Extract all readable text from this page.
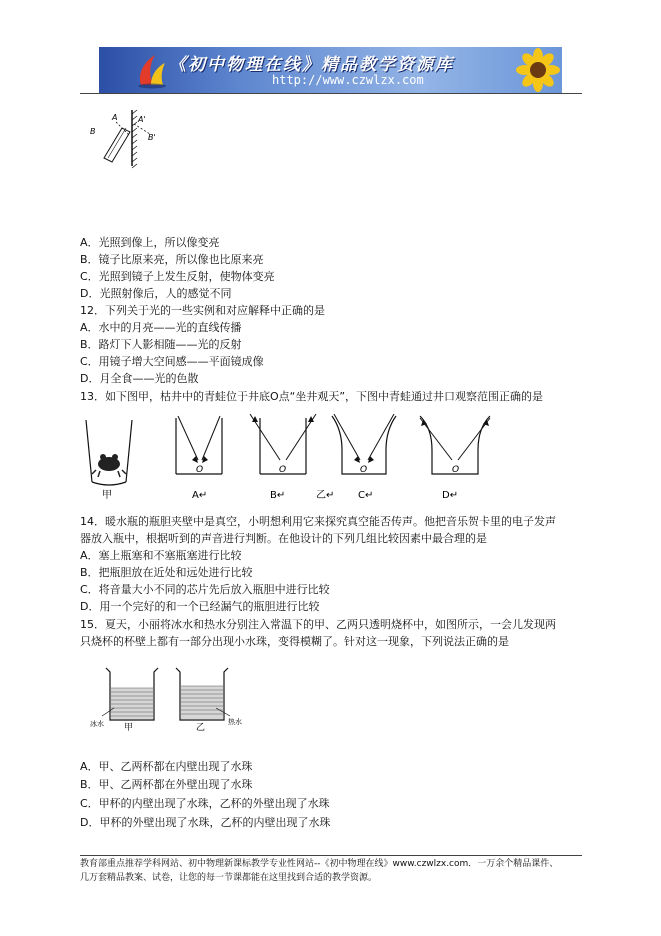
《初中物理在线》精品教学资源库
http://www.czwlzx.com
A	A'
B
B'
A．光照到像上，所以像变亮
B．镜子比原来亮，所以像也比原来亮
C．光照到镜子上发生反射，使物体变亮
D．光照射像后，人的感觉不同
12．下列关于光的一些实例和对应解释中正确的是
A．水中的月亮——光的直线传播
B．路灯下人影相随——光的反射
C．用镜子增大空间感——平面镜成像
D．月全食——光的色散
13．如下图甲，枯井中的青蛙位于井底O点“坐井观天”，下图中青蛙通过井口观察范围正确的是
甲
O
A↵
O
B↵	乙↵
O
C↵
O
D↵
14．暖水瓶的瓶胆夹壁中是真空，小明想利用它来探究真空能否传声。他把音乐贺卡里的电子发声
器放入瓶中，根据听到的声音进行判断。在他设计的下列几组比较因素中最合理的是
A．塞上瓶塞和不塞瓶塞进行比较
B．把瓶胆放在近处和远处进行比较
C．将音量大小不同的芯片先后放入瓶胆中进行比较
D．用一个完好的和一个已经漏气的瓶胆进行比较
15．夏天，小丽将冰水和热水分别注入常温下的甲、乙两只透明烧杯中，如图所示，一会儿发现两
只烧杯的杯壁上都有一部分出现小水珠，变得模糊了。针对这一现象，下列说法正确的是
冰水 甲	乙
热水
A．甲、乙两杯都在内壁出现了水珠
B．甲、乙两杯都在外壁出现了水珠
C．甲杯的内壁出现了水珠，乙杯的外壁出现了水珠
D．甲杯的外壁出现了水珠，乙杯的内壁出现了水珠
教育部重点推荐学科网站、初中物理新课标教学专业性网站--《初中物理在线》www.czwlzx.com．一万余个精品课件、
几万套精品教案、试卷，让您的每一节课都能在这里找到合适的教学资源。
